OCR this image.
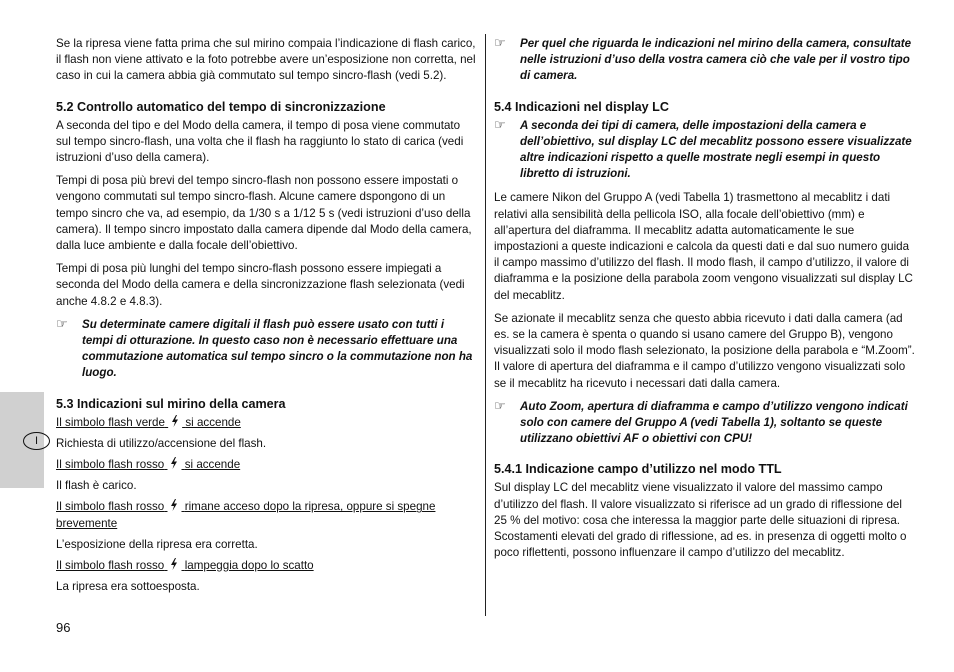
I

Se la ripresa viene fatta prima che sul mirino compaia l’indicazione di flash carico, il flash non viene attivato e la foto potrebbe avere un’esposizione non corretta, nel caso in cui la camera abbia già commutato sul tempo sincro-flash (vedi 5.2).

5.2 Controllo automatico del tempo di sincronizzazione

A seconda del tipo e del Modo della camera, il tempo di posa viene commutato sul tempo sincro-flash, una volta che il flash ha raggiunto lo stato di carica (vedi istruzioni d’uso della camera).

Tempi di posa più brevi del tempo sincro-flash non possono essere impostati o vengono commutati sul tempo sincro-flash. Alcune camere dspongono di un tempo sincro che va, ad esempio, da 1/30 s a 1/12 5 s (vedi istruzioni d’uso della camera). Il tempo sincro impostato dalla camera dipende dal Modo della camera, dalla luce ambiente e dalla focale dell’obiettivo.

Tempi di posa più lunghi del tempo sincro-flash possono essere impiegati a seconda del Modo della camera e della sincronizzazione flash selezionata (vedi anche 4.8.2 e 4.8.3).

☞ Su determinate camere digitali il flash può essere usato con tutti i tempi di otturazione. In questo caso non è necessario effettuare una commutazione automatica sul tempo sincro o la commutazione non ha luogo.
5.3 Indicazioni sul mirino della camera
Il simbolo flash verde si accende
Richiesta di utilizzo/accensione del flash.
Il simbolo flash rosso si accende
Il flash è carico.
Il simbolo flash rosso rimane acceso dopo la ripresa, oppure si spegne brevemente
L’esposizione della ripresa era corretta.
Il simbolo flash rosso lampeggia dopo lo scatto
La ripresa era sottoesposta.
☞ Per quel che riguarda le indicazioni nel mirino della camera, consultate nelle istruzioni d’uso della vostra camera ciò che vale per il vostro tipo di camera.
5.4 Indicazioni nel display LC
☞ A seconda dei tipi di camera, delle impostazioni della camera e dell’obiettivo, sul display LC del mecablitz possono essere visualizzate altre indicazioni rispetto a quelle mostrate negli esempi in questo libretto di istruzioni.

Le camere Nikon del Gruppo A (vedi Tabella 1) trasmettono al mecablitz i dati relativi alla sensibilità della pellicola ISO, alla focale dell’obiettivo (mm) e all’apertura del diaframma. Il mecablitz adatta automaticamente le sue impostazioni a queste indicazioni e calcola da questi dati e dal suo numero guida il campo massimo d’utilizzo del flash. Il modo flash, il campo d’utilizzo, il valore di diaframma e la posizione della parabola zoom vengono visualizzati sul display LC del mecablitz.

Se azionate il mecablitz senza che questo abbia ricevuto i dati dalla camera (ad es. se la camera è spenta o quando si usano camere del Gruppo B), vengono visualizzati solo il modo flash selezionato, la posizione della parabola e “M.Zoom”. Il valore di apertura del diaframma e il campo d’utilizzo vengono visualizzati solo se il mecablitz ha ricevuto i necessari dati dalla camera.

☞ Auto Zoom, apertura di diaframma e campo d’utilizzo vengono indicati solo con camere del Gruppo A (vedi Tabella 1), soltanto se queste utilizzano obiettivi AF o obiettivi con CPU!
5.4.1 Indicazione campo d’utilizzo nel modo TTL

Sul display LC del mecablitz viene visualizzato il valore del massimo campo d’utilizzo del flash. Il valore visualizzato si riferisce ad un grado di riflessione del 25 % del motivo: cosa che interessa la maggior parte delle situazioni di ripresa. Scostamenti elevati del grado di riflessione, ad es. in presenza di oggetti molto o poco riflettenti, possono influenzare il campo d’utilizzo del mecablitz.

96
